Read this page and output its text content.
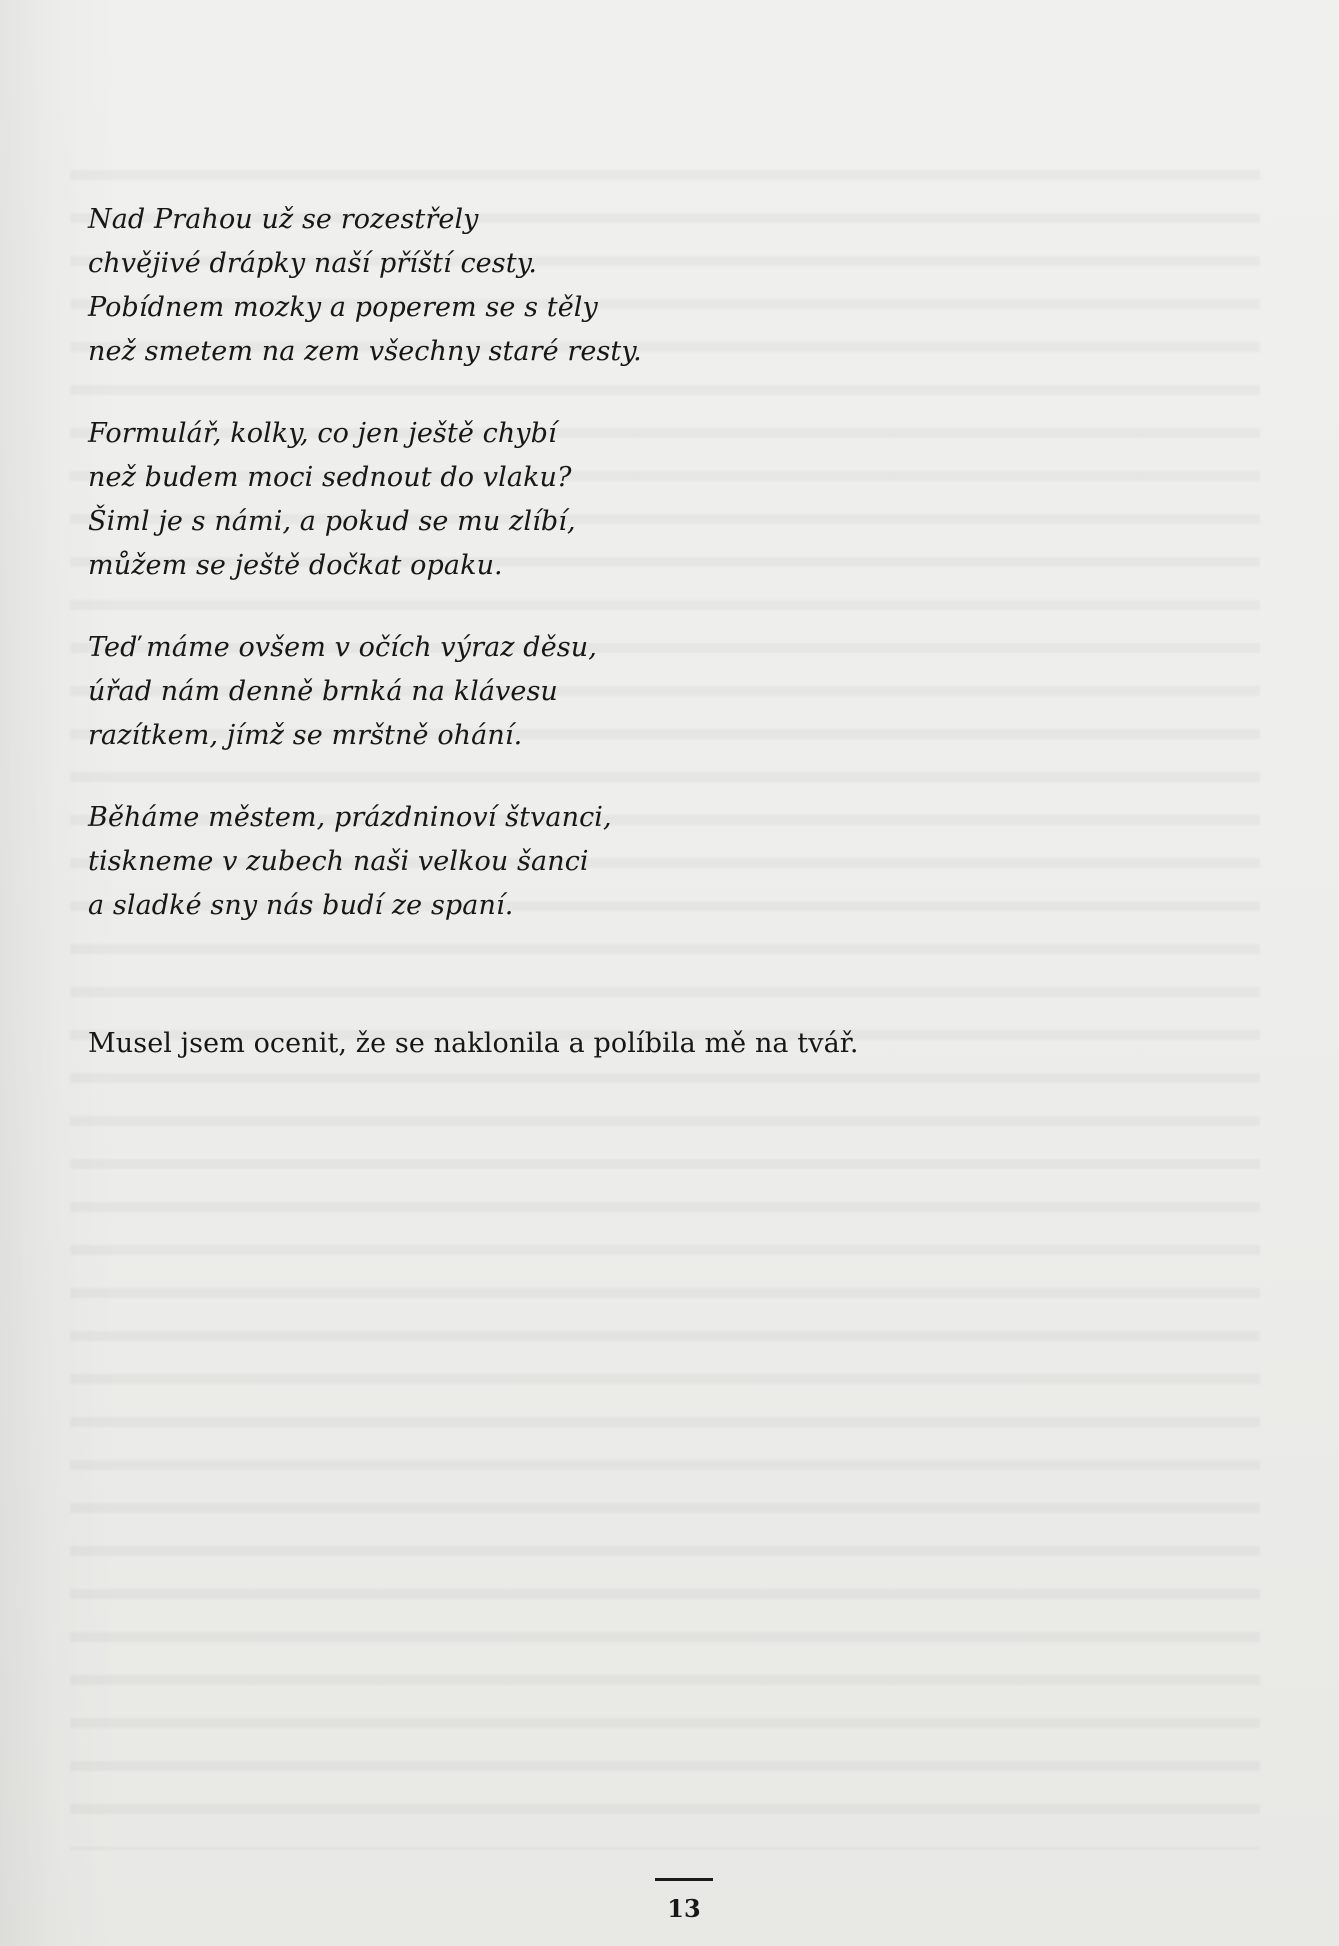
Nad Prahou už se rozestřely
chvějivé drápky naší příští cesty.
Pobídnem mozky a poperem se s těly
než smetem na zem všechny staré resty.
Formulář, kolky, co jen ještě chybí
než budem moci sednout do vlaku?
Šiml je s námi, a pokud se mu zlíbí,
můžem se ještě dočkat opaku.
Teď máme ovšem v očích výraz děsu,
úřad nám denně brnká na klávesu
razítkem, jímž se mrštně ohání.
Běháme městem, prázdninoví štvanci,
tiskneme v zubech naši velkou šanci
a sladké sny nás budí ze spaní.
Musel jsem ocenit, že se naklonila a políbila mě na tvář.
13
